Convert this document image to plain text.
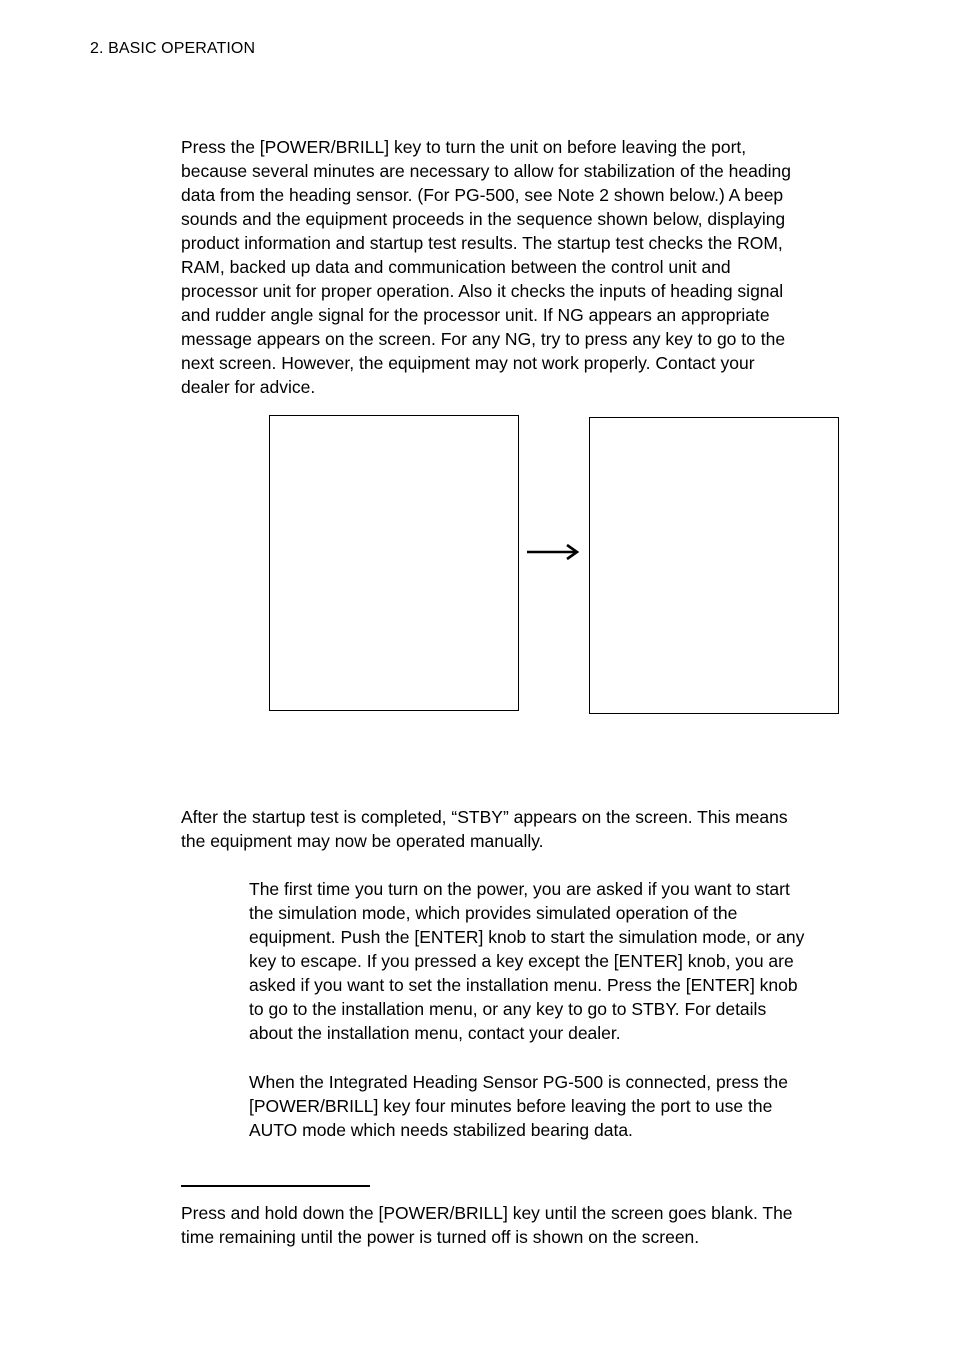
2. BASIC OPERATION

Press the [POWER/BRILL] key to turn the unit on before leaving the port,
because several minutes are necessary to allow for stabilization of the heading
data from the heading sensor. (For PG-500, see Note 2 shown below.) A beep
sounds and the equipment proceeds in the sequence shown below, displaying
product information and startup test results. The startup test checks the ROM,
RAM, backed up data and communication between the control unit and
processor unit for proper operation. Also it checks the inputs of heading signal
and rudder angle signal for the processor unit. If NG appears an appropriate
message appears on the screen. For any NG, try to press any key to go to the
next screen. However, the equipment may not work properly. Contact your
dealer for advice.

After the startup test is completed, “STBY” appears on the screen. This means
the equipment may now be operated manually.

The first time you turn on the power, you are asked if you want to start
the simulation mode, which provides simulated operation of the
equipment. Push the [ENTER] knob to start the simulation mode, or any
key to escape. If you pressed a key except the [ENTER] knob, you are
asked if you want to set the installation menu. Press the [ENTER] knob
to go to the installation menu, or any key to go to STBY. For details
about the installation menu, contact your dealer.

When the Integrated Heading Sensor PG-500 is connected, press the
[POWER/BRILL] key four minutes before leaving the port to use the
AUTO mode which needs stabilized bearing data.

Press and hold down the [POWER/BRILL] key until the screen goes blank. The
time remaining until the power is turned off is shown on the screen.
